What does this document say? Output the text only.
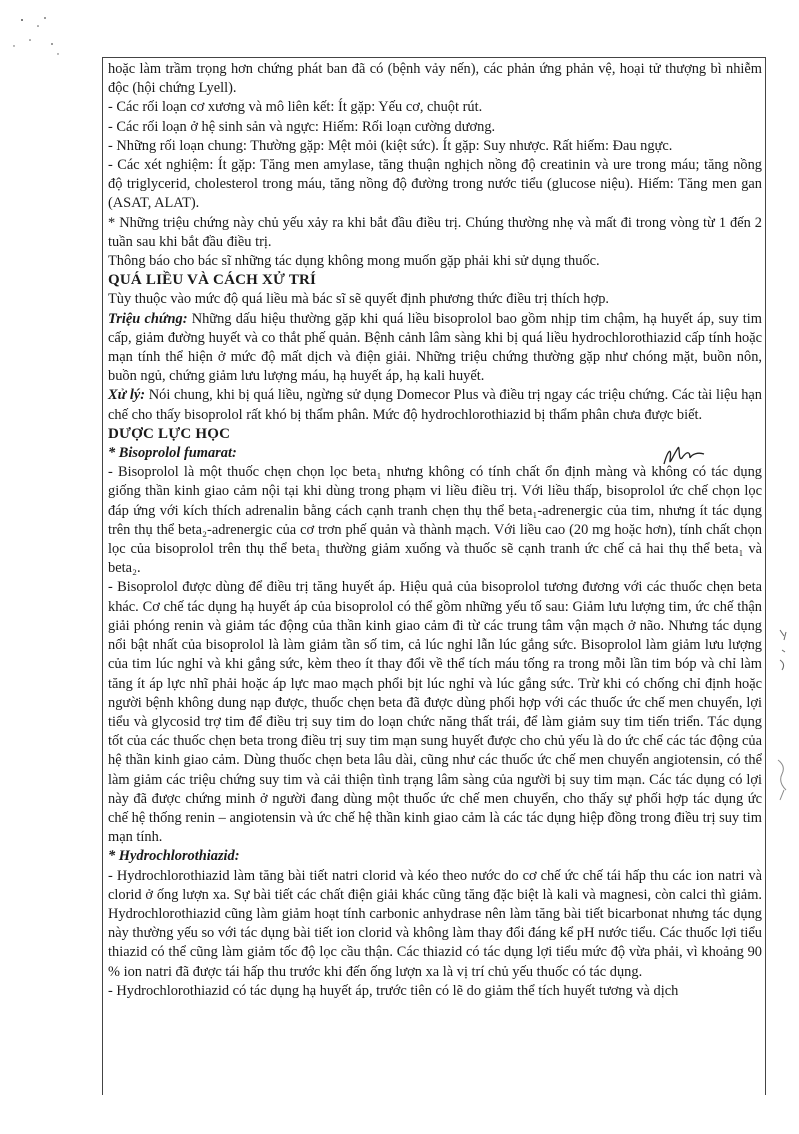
hoặc làm trầm trọng hơn chứng phát ban đã có (bệnh vảy nến), các phản ứng phản vệ, hoại tử thượng bì nhiễm độc (hội chứng Lyell).

- Các rối loạn cơ xương và mô liên kết: Ít gặp: Yếu cơ, chuột rút.

- Các rối loạn ở hệ sinh sản và ngực: Hiếm: Rối loạn cường dương.

- Những rối loạn chung: Thường gặp: Mệt mỏi (kiệt sức). Ít gặp: Suy nhược. Rất hiếm: Đau ngực.

- Các xét nghiệm: Ít gặp: Tăng men amylase, tăng thuận nghịch nồng độ creatinin và ure trong máu; tăng nồng độ triglycerid, cholesterol trong máu, tăng nồng độ đường trong nước tiểu (glucose niệu). Hiếm: Tăng men gan (ASAT, ALAT).

* Những triệu chứng này chủ yếu xảy ra khi bắt đầu điều trị. Chúng thường nhẹ và mất đi trong vòng từ 1 đến 2 tuần sau khi bắt đầu điều trị.

Thông báo cho bác sĩ những tác dụng không mong muốn gặp phải khi sử dụng thuốc.

QUÁ LIỀU VÀ CÁCH XỬ TRÍ

Tùy thuộc vào mức độ quá liều mà bác sĩ sẽ quyết định phương thức điều trị thích hợp.

Triệu chứng: Những dấu hiệu thường gặp khi quá liều bisoprolol bao gồm nhịp tim chậm, hạ huyết áp, suy tim cấp, giảm đường huyết và co thắt phế quản. Bệnh cảnh lâm sàng khi bị quá liều hydrochlorothiazid cấp tính hoặc mạn tính thể hiện ở mức độ mất dịch và điện giải. Những triệu chứng thường gặp như chóng mặt, buồn nôn, buồn ngủ, chứng giảm lưu lượng máu, hạ huyết áp, hạ kali huyết.

Xử lý: Nói chung, khi bị quá liều, ngừng sử dụng Domecor Plus và điều trị ngay các triệu chứng. Các tài liệu hạn chế cho thấy bisoprolol rất khó bị thẩm phân. Mức độ hydrochlorothiazid bị thẩm phân chưa được biết.

DƯỢC LỰC HỌC

* Bisoprolol fumarat:

- Bisoprolol là một thuốc chẹn chọn lọc beta₁ nhưng không có tính chất ổn định màng và không có tác dụng giống thần kinh giao cảm nội tại khi dùng trong phạm vi liều điều trị. Với liều thấp, bisoprolol ức chế chọn lọc đáp ứng với kích thích adrenalin bằng cách cạnh tranh chẹn thụ thể beta₁-adrenergic của tim, nhưng ít tác dụng trên thụ thể beta₂-adrenergic của cơ trơn phế quản và thành mạch. Với liều cao (20 mg hoặc hơn), tính chất chọn lọc của bisoprolol trên thụ thể beta₁ thường giảm xuống và thuốc sẽ cạnh tranh ức chế cả hai thụ thể beta₁ và beta₂.

- Bisoprolol được dùng để điều trị tăng huyết áp. Hiệu quả của bisoprolol tương đương với các thuốc chẹn beta khác. Cơ chế tác dụng hạ huyết áp của bisoprolol có thể gồm những yếu tố sau: Giảm lưu lượng tim, ức chế thận giải phóng renin và giảm tác động của thần kinh giao cảm đi từ các trung tâm vận mạch ở não. Nhưng tác dụng nổi bật nhất của bisoprolol là làm giảm tần số tim, cả lúc nghỉ lẫn lúc gắng sức. Bisoprolol làm giảm lưu lượng của tim lúc nghỉ và khi gắng sức, kèm theo ít thay đổi về thể tích máu tống ra trong mỗi lần tim bóp và chỉ làm tăng ít áp lực nhĩ phải hoặc áp lực mao mạch phổi bịt lúc nghỉ và lúc gắng sức. Trừ khi có chống chỉ định hoặc người bệnh không dung nạp được, thuốc chẹn beta đã được dùng phối hợp với các thuốc ức chế men chuyển, lợi tiểu và glycosid trợ tim để điều trị suy tim do loạn chức năng thất trái, để làm giảm suy tim tiến triển. Tác dụng tốt của các thuốc chẹn beta trong điều trị suy tim mạn sung huyết được cho chủ yếu là do ức chế các tác động của hệ thần kinh giao cảm. Dùng thuốc chẹn beta lâu dài, cũng như các thuốc ức chế men chuyển angiotensin, có thể làm giảm các triệu chứng suy tim và cải thiện tình trạng lâm sàng của người bị suy tim mạn. Các tác dụng có lợi này đã được chứng minh ở người đang dùng một thuốc ức chế men chuyển, cho thấy sự phối hợp tác dụng ức chế hệ thống renin – angiotensin và ức chế hệ thần kinh giao cảm là các tác dụng hiệp đồng trong điều trị suy tim mạn tính.

* Hydrochlorothiazid:

- Hydrochlorothiazid làm tăng bài tiết natri clorid và kéo theo nước do cơ chế ức chế tái hấp thu các ion natri và clorid ở ống lượn xa. Sự bài tiết các chất điện giải khác cũng tăng đặc biệt là kali và magnesi, còn calci thì giảm. Hydrochlorothiazid cũng làm giảm hoạt tính carbonic anhydrase nên làm tăng bài tiết bicarbonat nhưng tác dụng này thường yếu so với tác dụng bài tiết ion clorid và không làm thay đổi đáng kể pH nước tiểu. Các thuốc lợi tiểu thiazid có thể cũng làm giảm tốc độ lọc cầu thận. Các thiazid có tác dụng lợi tiểu mức độ vừa phải, vì khoảng 90 % ion natri đã được tái hấp thu trước khi đến ống lượn xa là vị trí chủ yếu thuốc có tác dụng.

- Hydrochlorothiazid có tác dụng hạ huyết áp, trước tiên có lẽ do giảm thể tích huyết tương và dịch
